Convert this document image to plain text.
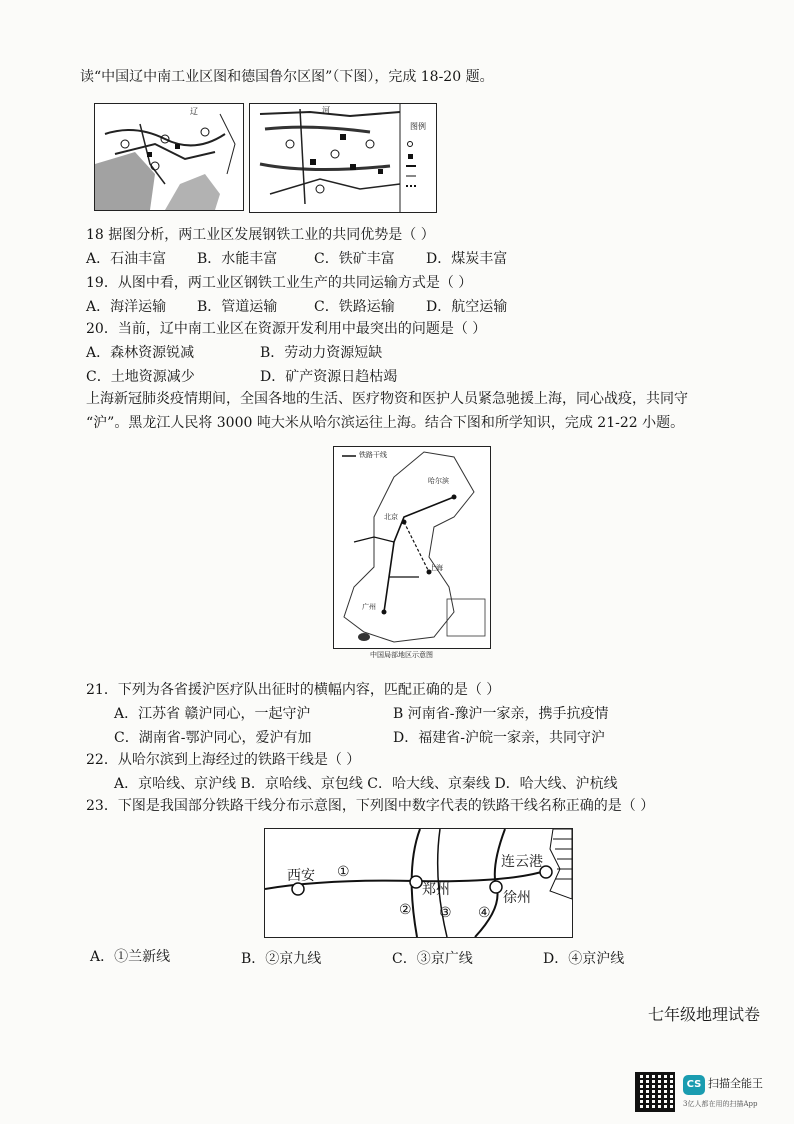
读“中国辽中南工业区图和德国鲁尔区图”（下图），完成 18-20 题。
辽	河
图例
18 据图分析，两工业区发展钢铁工业的共同优势是（ ）
A．石油丰富 B．水能丰富	C．铁矿丰富 D．煤炭丰富
19．从图中看，两工业区钢铁工业生产的共同运输方式是（ ）
A．海洋运输 B．管道运输	C．铁路运输 D．航空运输
20．当前，辽中南工业区在资源开发利用中最突出的问题是（ ）
A．森林资源锐减	B．劳动力资源短缺
C．土地资源减少	D．矿产资源日趋枯竭
上海新冠肺炎疫情期间，全国各地的生活、医疗物资和医护人员紧急驰援上海，同心战疫，共同守
“沪”。黑龙江人民将 3000 吨大米从哈尔滨运往上海。结合下图和所学知识，完成 21-22 小题。
铁路干线
哈尔滨
北京
上海
广州
中国局部地区示意图
21．下列为各省援沪医疗队出征时的横幅内容，匹配正确的是（ ）
A．江苏省 赣沪同心，一起守沪	B 河南省-豫沪一家亲，携手抗疫情
C．湖南省-鄂沪同心，爱沪有加	D．福建省-沪皖一家亲，共同守沪
22．从哈尔滨到上海经过的铁路干线是（ ）
A．京哈线、京沪线 B．京哈线、京包线 C．哈大线、京秦线 D．哈大线、沪杭线
23．下图是我国部分铁路干线分布示意图，下列图中数字代表的铁路干线名称正确的是（ ）
西安 ①
郑州	徐州
连云港
② ③ ④
A．①兰新线	B．②京九线	C．③京广线	D．④京沪线
七年级地理试卷
CS 扫描全能王
3亿人都在用的扫描App
